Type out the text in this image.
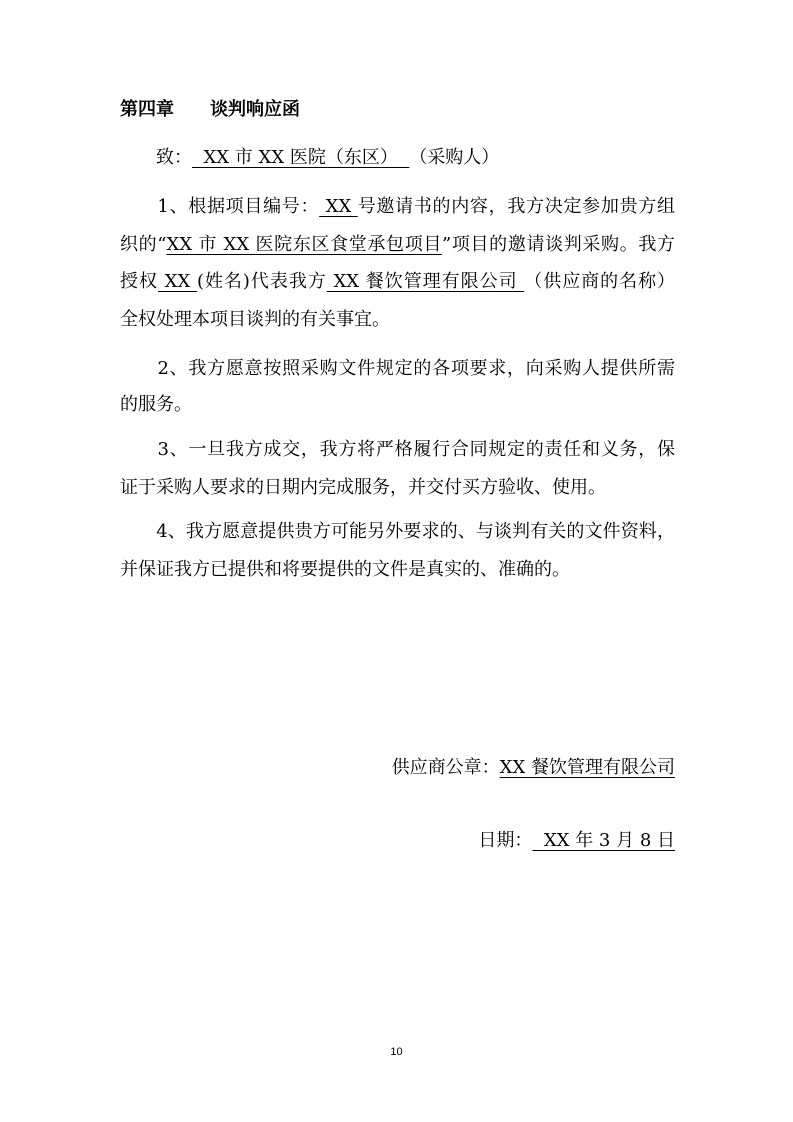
第四章 谈判响应函
　　致：  XX 市 XX 医院（东区）  （采购人）
　　1、根据项目编号： XX 号邀请书的内容，我方决定参加贵方组
织的“XX 市 XX 医院东区食堂承包项目”项目的邀请谈判采购。我方
授权 XX (姓名)代表我方 XX 餐饮管理有限公司 （供应商的名称）
全权处理本项目谈判的有关事宜。
　　2、我方愿意按照采购文件规定的各项要求，向采购人提供所需
的服务。
　　3、一旦我方成交，我方将严格履行合同规定的责任和义务，保
证于采购人要求的日期内完成服务，并交付买方验收、使用。
　　4、我方愿意提供贵方可能另外要求的、与谈判有关的文件资料，
并保证我方已提供和将要提供的文件是真实的、准确的。
供应商公章：XX 餐饮管理有限公司

日期：  XX 年 3 月 8 日

10
